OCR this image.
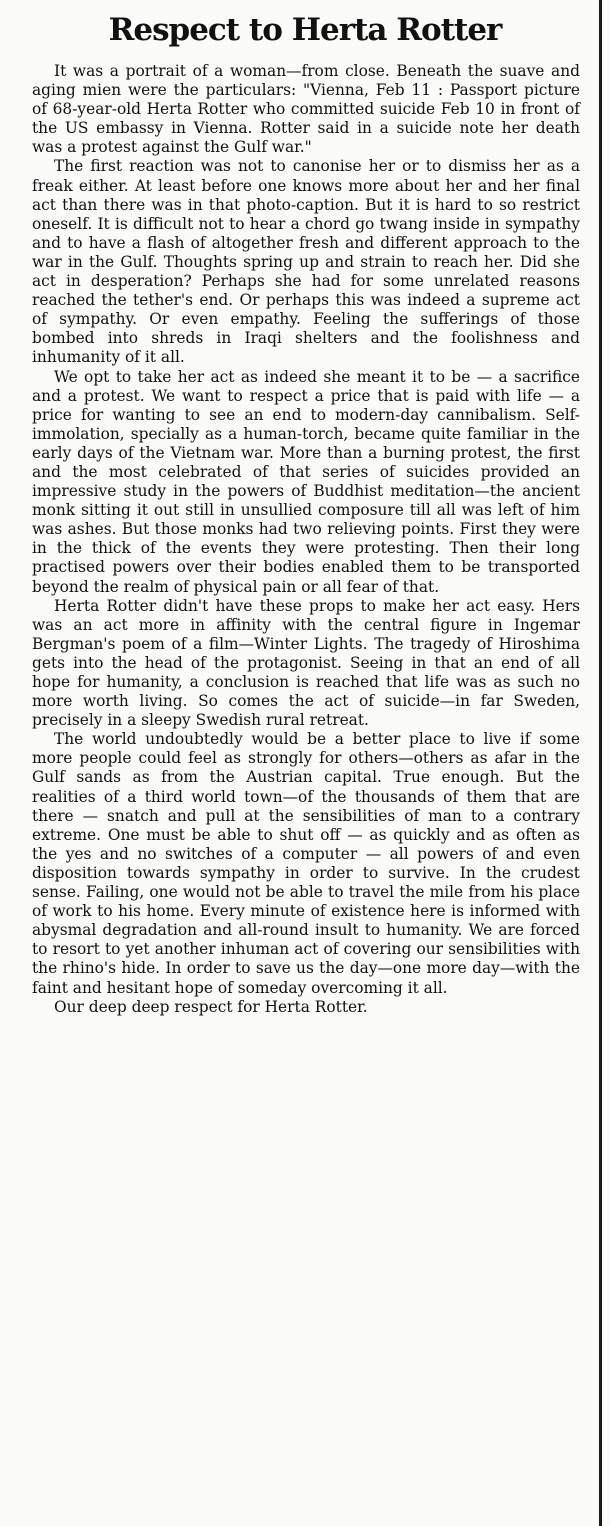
Respect to Herta Rotter

It was a portrait of a woman—from close. Beneath the suave and aging mien were the particulars: "Vienna, Feb 11 : Passport picture of 68-year-old Herta Rotter who committed suicide Feb 10 in front of the US embassy in Vienna. Rotter said in a suicide note her death was a protest against the Gulf war."

The first reaction was not to canonise her or to dismiss her as a freak either. At least before one knows more about her and her final act than there was in that photo-caption. But it is hard to so restrict oneself. It is difficult not to hear a chord go twang inside in sympathy and to have a flash of altogether fresh and different approach to the war in the Gulf. Thoughts spring up and strain to reach her. Did she act in desperation? Perhaps she had for some unrelated reasons reached the tether's end. Or perhaps this was indeed a supreme act of sympathy. Or even empathy. Feeling the sufferings of those bombed into shreds in Iraqi shelters and the foolishness and inhumanity of it all.

We opt to take her act as indeed she meant it to be — a sacrifice and a protest. We want to respect a price that is paid with life — a price for wanting to see an end to modern-day cannibalism. Self-immolation, specially as a human-torch, became quite familiar in the early days of the Vietnam war. More than a burning protest, the first and the most celebrated of that series of suicides provided an impressive study in the powers of Buddhist meditation—the ancient monk sitting it out still in unsullied composure till all was left of him was ashes. But those monks had two relieving points. First they were in the thick of the events they were protesting. Then their long practised powers over their bodies enabled them to be transported beyond the realm of physical pain or all fear of that.

Herta Rotter didn't have these props to make her act easy. Hers was an act more in affinity with the central figure in Ingemar Bergman's poem of a film—Winter Lights. The tragedy of Hiroshima gets into the head of the protagonist. Seeing in that an end of all hope for humanity, a conclusion is reached that life was as such no more worth living. So comes the act of suicide—in far Sweden, precisely in a sleepy Swedish rural retreat.

The world undoubtedly would be a better place to live if some more people could feel as strongly for others—others as afar in the Gulf sands as from the Austrian capital. True enough. But the realities of a third world town—of the thousands of them that are there — snatch and pull at the sensibilities of man to a contrary extreme. One must be able to shut off — as quickly and as often as the yes and no switches of a computer — all powers of and even disposition towards sympathy in order to survive. In the crudest sense. Failing, one would not be able to travel the mile from his place of work to his home. Every minute of existence here is informed with abysmal degradation and all-round insult to humanity. We are forced to resort to yet another inhuman act of covering our sensibilities with the rhino's hide. In order to save us the day—one more day—with the faint and hesitant hope of someday overcoming it all.

Our deep deep respect for Herta Rotter.
